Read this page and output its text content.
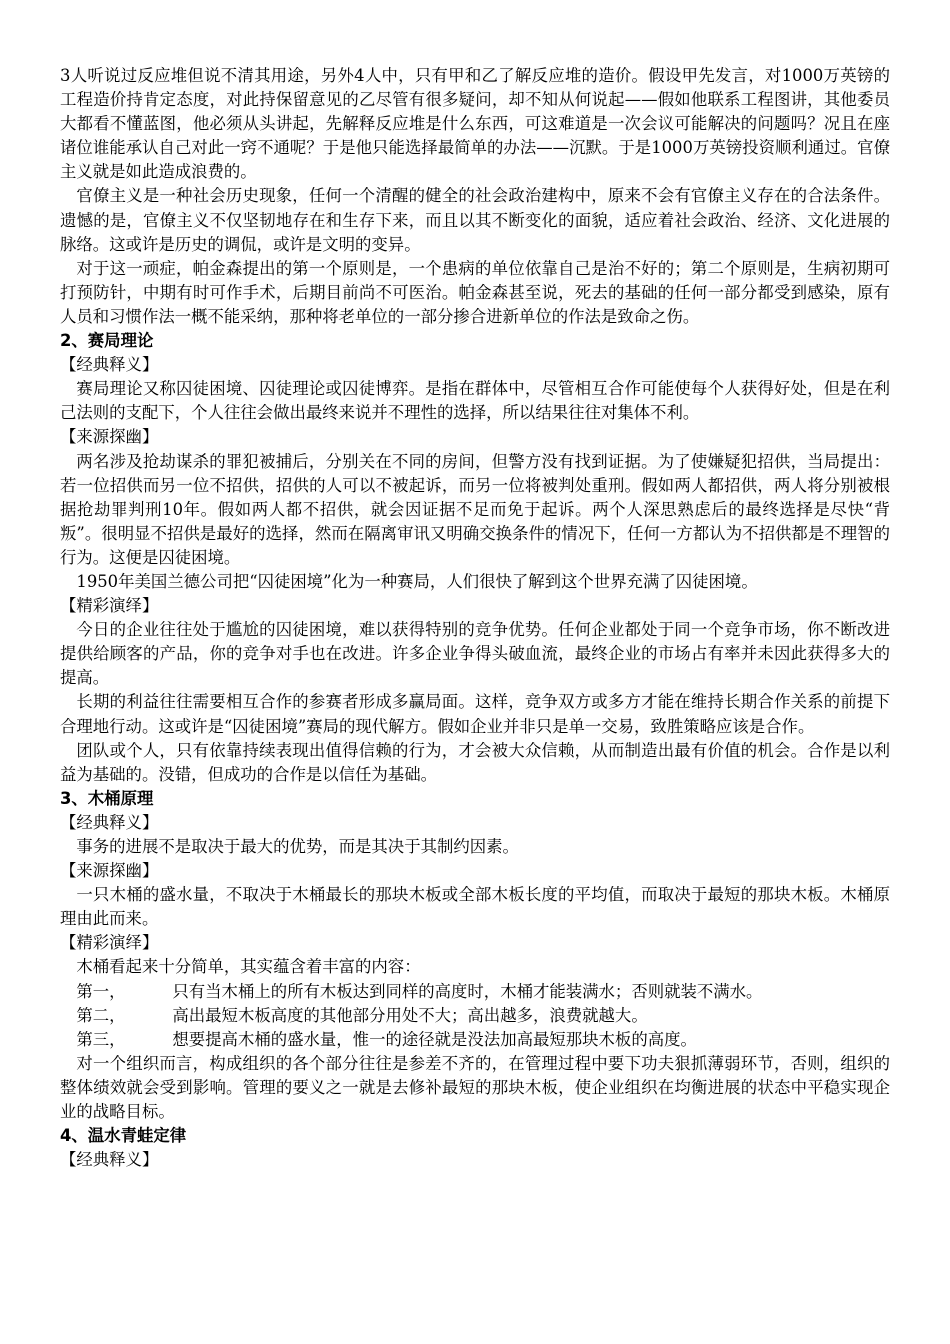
3人听说过反应堆但说不清其用途，另外4人中，只有甲和乙了解反应堆的造价。假设甲先发言，对1000万英镑的工程造价持肯定态度，对此持保留意见的乙尽管有很多疑问，却不知从何说起——假如他联系工程图讲，其他委员大都看不懂蓝图，他必须从头讲起，先解释反应堆是什么东西，可这难道是一次会议可能解决的问题吗？况且在座诸位谁能承认自己对此一窍不通呢？于是他只能选择最简单的办法——沉默。于是1000万英镑投资顺利通过。官僚主义就是如此造成浪费的。

官僚主义是一种社会历史现象，任何一个清醒的健全的社会政治建构中，原来不会有官僚主义存在的合法条件。遗憾的是，官僚主义不仅坚韧地存在和生存下来，而且以其不断变化的面貌，适应着社会政治、经济、文化进展的脉络。这或许是历史的调侃，或许是文明的变异。

对于这一顽症，帕金森提出的第一个原则是，一个患病的单位依靠自己是治不好的；第二个原则是，生病初期可打预防针，中期有时可作手术，后期目前尚不可医治。帕金森甚至说，死去的基础的任何一部分都受到感染，原有人员和习惯作法一概不能采纳，那种将老单位的一部分掺合进新单位的作法是致命之伤。

2、赛局理论

【经典释义】

赛局理论又称囚徒困境、囚徒理论或囚徒博弈。是指在群体中，尽管相互合作可能使每个人获得好处，但是在利己法则的支配下，个人往往会做出最终来说并不理性的选择，所以结果往往对集体不利。

【来源探幽】

两名涉及抢劫谋杀的罪犯被捕后，分别关在不同的房间，但警方没有找到证据。为了使嫌疑犯招供，当局提出：若一位招供而另一位不招供，招供的人可以不被起诉，而另一位将被判处重刑。假如两人都招供，两人将分别被根据抢劫罪判刑10年。假如两人都不招供，就会因证据不足而免于起诉。两个人深思熟虑后的最终选择是尽快“背叛”。很明显不招供是最好的选择，然而在隔离审讯又明确交换条件的情况下，任何一方都认为不招供都是不理智的行为。这便是囚徒困境。

1950年美国兰德公司把“囚徒困境”化为一种赛局，人们很快了解到这个世界充满了囚徒困境。

【精彩演绎】

今日的企业往往处于尴尬的囚徒困境，难以获得特别的竞争优势。任何企业都处于同一个竞争市场，你不断改进提供给顾客的产品，你的竞争对手也在改进。许多企业争得头破血流，最终企业的市场占有率并未因此获得多大的提高。

长期的利益往往需要相互合作的参赛者形成多赢局面。这样，竞争双方或多方才能在维持长期合作关系的前提下合理地行动。这或许是“囚徒困境”赛局的现代解方。假如企业并非只是单一交易，致胜策略应该是合作。

团队或个人，只有依靠持续表现出值得信赖的行为，才会被大众信赖，从而制造出最有价值的机会。合作是以利益为基础的。没错，但成功的合作是以信任为基础。

3、木桶原理

【经典释义】

事务的进展不是取决于最大的优势，而是其决于其制约因素。

【来源探幽】

一只木桶的盛水量，不取决于木桶最长的那块木板或全部木板长度的平均值，而取决于最短的那块木板。木桶原理由此而来。

【精彩演绎】

木桶看起来十分简单，其实蕴含着丰富的内容：

第一，	只有当木桶上的所有木板达到同样的高度时，木桶才能装满水；否则就装不满水。
第二，	高出最短木板高度的其他部分用处不大；高出越多，浪费就越大。
第三，	想要提高木桶的盛水量，惟一的途径就是没法加高最短那块木板的高度。

对一个组织而言，构成组织的各个部分往往是参差不齐的，在管理过程中要下功夫狠抓薄弱环节，否则，组织的整体绩效就会受到影响。管理的要义之一就是去修补最短的那块木板，使企业组织在均衡进展的状态中平稳实现企业的战略目标。

4、温水青蛙定律

【经典释义】
